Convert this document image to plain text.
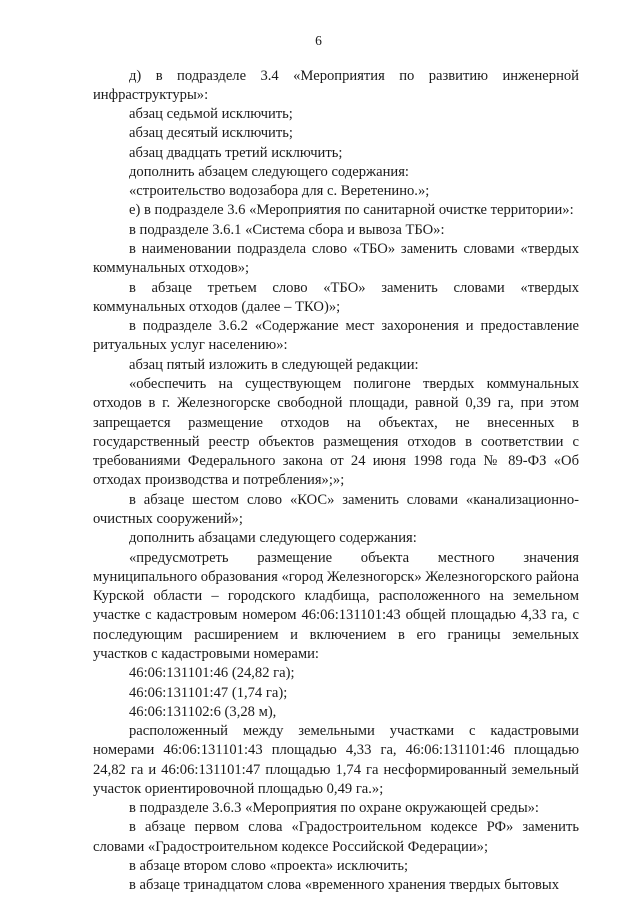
6

д) в подразделе 3.4 «Мероприятия по развитию инженерной инфраструктуры»:

абзац седьмой исключить;

абзац десятый исключить;

абзац двадцать третий исключить;

дополнить абзацем следующего содержания:

«строительство водозабора для с. Веретенино.»;

е) в подразделе 3.6 «Мероприятия по санитарной очистке территории»:

в подразделе 3.6.1 «Система сбора и вывоза ТБО»:

в наименовании подраздела слово «ТБО» заменить словами «твердых коммунальных отходов»;

в абзаце третьем слово «ТБО» заменить словами «твердых коммунальных отходов (далее – ТКО)»;

в подразделе 3.6.2 «Содержание мест захоронения и предоставление ритуальных услуг населению»:

абзац пятый изложить в следующей редакции:

«обеспечить на существующем полигоне твердых коммунальных отходов в г. Железногорске свободной площади, равной 0,39 га, при этом запрещается размещение отходов на объектах, не внесенных в государственный реестр объектов размещения отходов в соответствии с требованиями Федерального закона от 24 июня 1998 года № 89-ФЗ «Об отходах производства и потребления»;»;

в абзаце шестом слово «КОС» заменить словами «канализационно-очистных сооружений»;

дополнить абзацами следующего содержания:

«предусмотреть размещение объекта местного значения муниципального образования «город Железногорск» Железногорского района Курской области – городского кладбища, расположенного на земельном участке с кадастровым номером 46:06:131101:43 общей площадью 4,33 га, с последующим расширением и включением в его границы земельных участков с кадастровыми номерами:

46:06:131101:46 (24,82 га);

46:06:131101:47 (1,74 га);

46:06:131102:6 (3,28 м),

расположенный между земельными участками с кадастровыми номерами 46:06:131101:43 площадью 4,33 га, 46:06:131101:46 площадью 24,82 га и 46:06:131101:47 площадью 1,74 га несформированный земельный участок ориентировочной площадью 0,49 га.»;

в подразделе 3.6.3 «Мероприятия по охране окружающей среды»:

в абзаце первом слова «Градостроительном кодексе РФ» заменить словами «Градостроительном кодексе Российской Федерации»;

в абзаце втором слово «проекта» исключить;

в абзаце тринадцатом слова «временного хранения твердых бытовых
